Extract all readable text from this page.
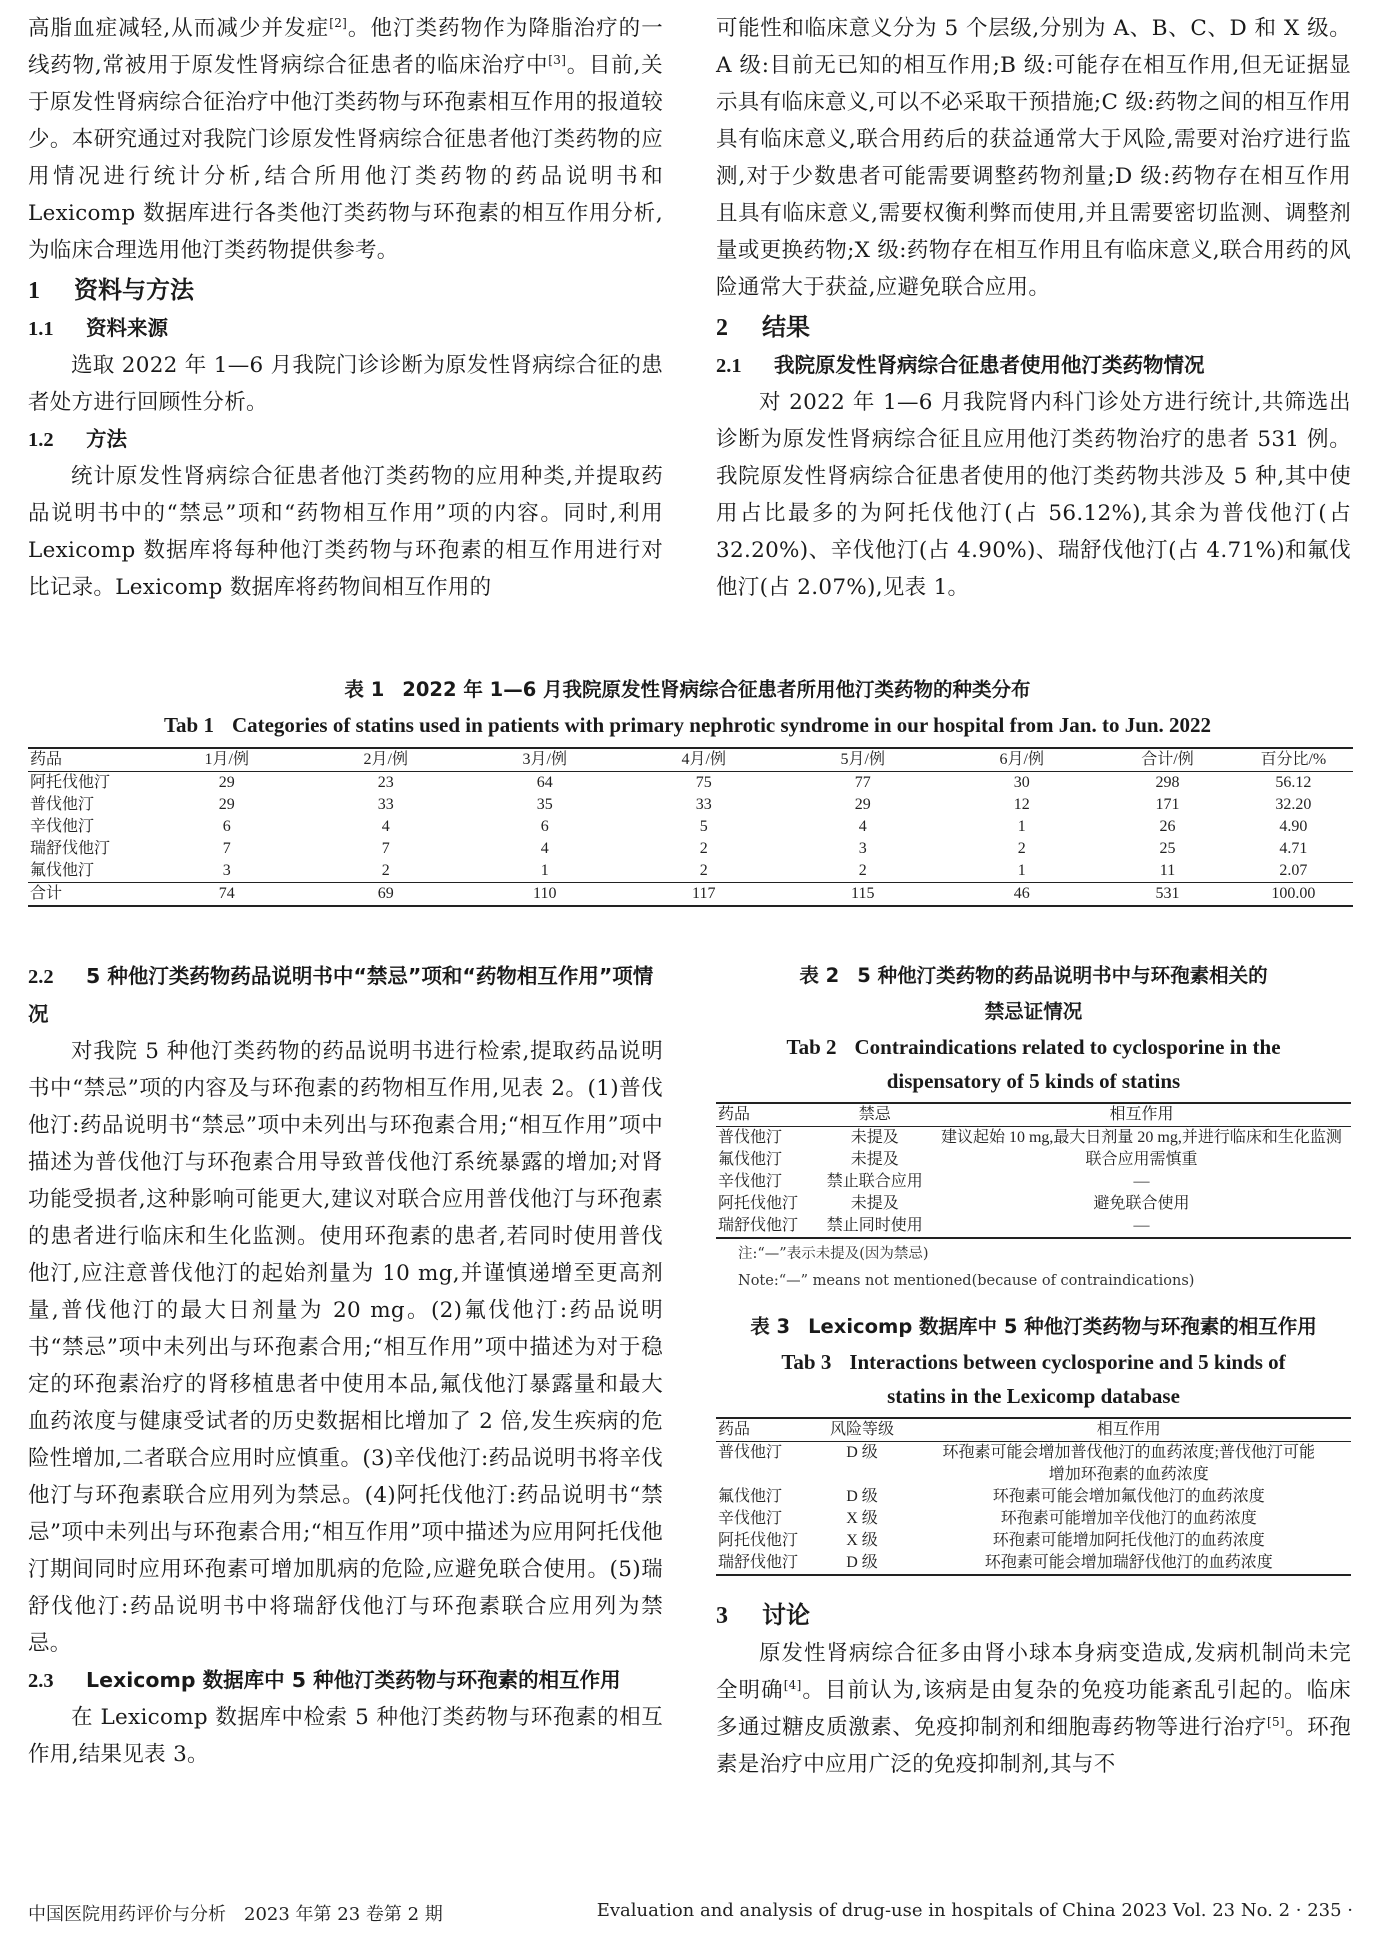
高脂血症减轻,从而减少并发症[2]。他汀类药物作为降脂治疗的一线药物,常被用于原发性肾病综合征患者的临床治疗中[3]。目前,关于原发性肾病综合征治疗中他汀类药物与环孢素相互作用的报道较少。本研究通过对我院门诊原发性肾病综合征患者他汀类药物的应用情况进行统计分析,结合所用他汀类药物的药品说明书和 Lexicomp 数据库进行各类他汀类药物与环孢素的相互作用分析,为临床合理选用他汀类药物提供参考。

1 资料与方法
1.1 资料来源

选取 2022 年 1—6 月我院门诊诊断为原发性肾病综合征的患者处方进行回顾性分析。

1.2 方法

统计原发性肾病综合征患者他汀类药物的应用种类,并提取药品说明书中的“禁忌”项和“药物相互作用”项的内容。同时,利用 Lexicomp 数据库将每种他汀类药物与环孢素的相互作用进行对比记录。Lexicomp 数据库将药物间相互作用的

可能性和临床意义分为 5 个层级,分别为 A、B、C、D 和 X 级。A 级:目前无已知的相互作用;B 级:可能存在相互作用,但无证据显示具有临床意义,可以不必采取干预措施;C 级:药物之间的相互作用具有临床意义,联合用药后的获益通常大于风险,需要对治疗进行监测,对于少数患者可能需要调整药物剂量;D 级:药物存在相互作用且具有临床意义,需要权衡利弊而使用,并且需要密切监测、调整剂量或更换药物;X 级:药物存在相互作用且有临床意义,联合用药的风险通常大于获益,应避免联合应用。

2 结果
2.1 我院原发性肾病综合征患者使用他汀类药物情况

对 2022 年 1—6 月我院肾内科门诊处方进行统计,共筛选出诊断为原发性肾病综合征且应用他汀类药物治疗的患者 531 例。我院原发性肾病综合征患者使用的他汀类药物共涉及 5 种,其中使用占比最多的为阿托伐他汀(占 56.12%),其余为普伐他汀(占 32.20%)、辛伐他汀(占 4.90%)、瑞舒伐他汀(占 4.71%)和氟伐他汀(占 2.07%),见表 1。

表 1 2022 年 1—6 月我院原发性肾病综合征患者所用他汀类药物的种类分布
Tab 1 Categories of statins used in patients with primary nephrotic syndrome in our hospital from Jan. to Jun. 2022
药品	1月/例	2月/例	3月/例	4月/例	5月/例	6月/例	合计/例	百分比/%
阿托伐他汀	29	23	64	75	77	30	298	56.12
普伐他汀	29	33	35	33	29	12	171	32.20
辛伐他汀	6	4	6	5	4	1	26	4.90
瑞舒伐他汀	7	7	4	2	3	2	25	4.71
氟伐他汀	3	2	1	2	2	1	11	2.07
合计	74	69	110	117	115	46	531	100.00
2.2 5 种他汀类药物药品说明书中“禁忌”项和“药物相互作用”项情况

对我院 5 种他汀类药物的药品说明书进行检索,提取药品说明书中“禁忌”项的内容及与环孢素的药物相互作用,见表 2。(1)普伐他汀:药品说明书“禁忌”项中未列出与环孢素合用;“相互作用”项中描述为普伐他汀与环孢素合用导致普伐他汀系统暴露的增加;对肾功能受损者,这种影响可能更大,建议对联合应用普伐他汀与环孢素的患者进行临床和生化监测。使用环孢素的患者,若同时使用普伐他汀,应注意普伐他汀的起始剂量为 10 mg,并谨慎递增至更高剂量,普伐他汀的最大日剂量为 20 mg。(2)氟伐他汀:药品说明书“禁忌”项中未列出与环孢素合用;“相互作用”项中描述为对于稳定的环孢素治疗的肾移植患者中使用本品,氟伐他汀暴露量和最大血药浓度与健康受试者的历史数据相比增加了 2 倍,发生疾病的危险性增加,二者联合应用时应慎重。(3)辛伐他汀:药品说明书将辛伐他汀与环孢素联合应用列为禁忌。(4)阿托伐他汀:药品说明书“禁忌”项中未列出与环孢素合用;“相互作用”项中描述为应用阿托伐他汀期间同时应用环孢素可增加肌病的危险,应避免联合使用。(5)瑞舒伐他汀:药品说明书中将瑞舒伐他汀与环孢素联合应用列为禁忌。

2.3 Lexicomp 数据库中 5 种他汀类药物与环孢素的相互作用

在 Lexicomp 数据库中检索 5 种他汀类药物与环孢素的相互作用,结果见表 3。

表 2 5 种他汀类药物的药品说明书中与环孢素相关的
禁忌证情况
Tab 2 Contraindications related to cyclosporine in the
dispensatory of 5 kinds of statins
药品	禁忌	相互作用
普伐他汀	未提及	建议起始 10 mg,最大日剂量 20 mg,并进行临床和生化监测
氟伐他汀	未提及	联合应用需慎重
辛伐他汀	禁止联合应用	—
阿托伐他汀	未提及	避免联合使用
瑞舒伐他汀	禁止同时使用	—
注:“—”表示未提及(因为禁忌)
Note:“—” means not mentioned(because of contraindications)
表 3 Lexicomp 数据库中 5 种他汀类药物与环孢素的相互作用
Tab 3 Interactions between cyclosporine and 5 kinds of
statins in the Lexicomp database
药品	风险等级	相互作用
普伐他汀	D 级	环孢素可能会增加普伐他汀的血药浓度;普伐他汀可能
增加环孢素的血药浓度
氟伐他汀	D 级	环孢素可能会增加氟伐他汀的血药浓度
辛伐他汀	X 级	环孢素可能增加辛伐他汀的血药浓度
阿托伐他汀	X 级	环孢素可能增加阿托伐他汀的血药浓度
瑞舒伐他汀	D 级	环孢素可能会增加瑞舒伐他汀的血药浓度
3 讨论

原发性肾病综合征多由肾小球本身病变造成,发病机制尚未完全明确[4]。目前认为,该病是由复杂的免疫功能紊乱引起的。临床多通过糖皮质激素、免疫抑制剂和细胞毒药物等进行治疗[5]。环孢素是治疗中应用广泛的免疫抑制剂,其与不

中国医院用药评价与分析　2023 年第 23 卷第 2 期	Evaluation and analysis of drug-use in hospitals of China 2023 Vol. 23 No. 2 · 235 ·
